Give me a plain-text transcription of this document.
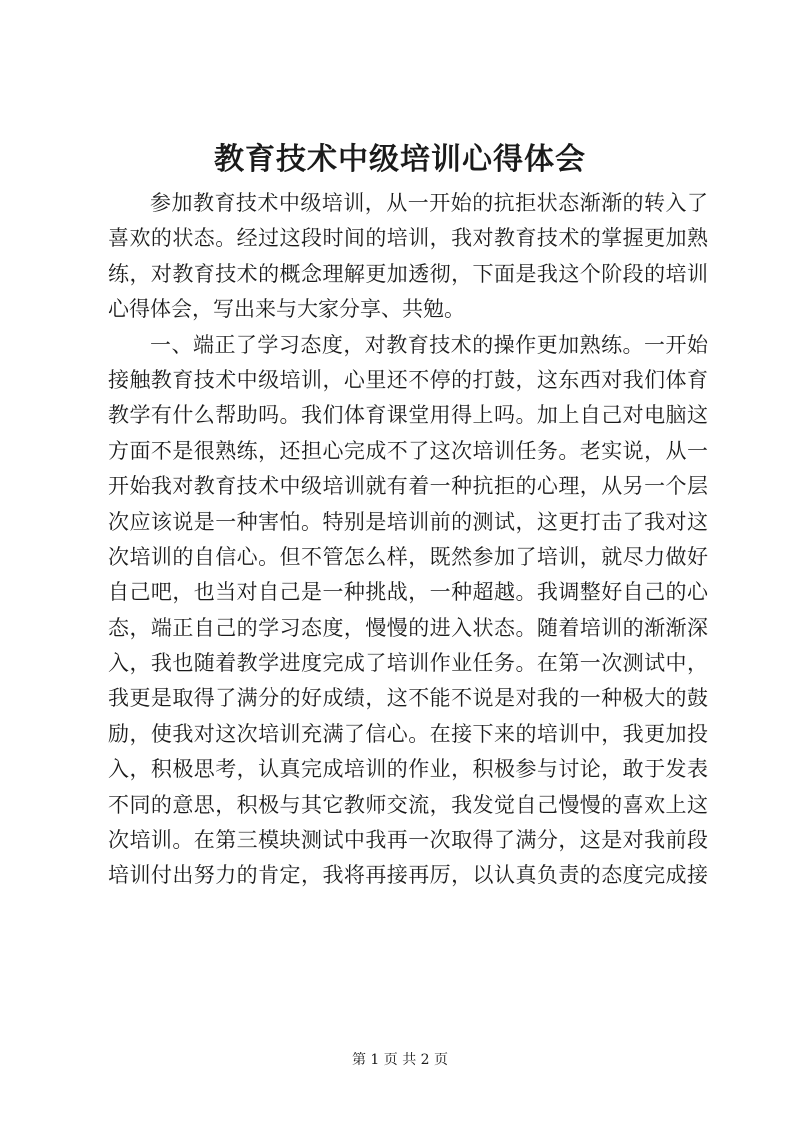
教育技术中级培训心得体会
参加教育技术中级培训，从一开始的抗拒状态渐渐的转入了
喜欢的状态。经过这段时间的培训，我对教育技术的掌握更加熟
练，对教育技术的概念理解更加透彻，下面是我这个阶段的培训
心得体会，写出来与大家分享、共勉。
一、端正了学习态度，对教育技术的操作更加熟练。一开始
接触教育技术中级培训，心里还不停的打鼓，这东西对我们体育
教学有什么帮助吗。我们体育课堂用得上吗。加上自己对电脑这
方面不是很熟练，还担心完成不了这次培训任务。老实说，从一
开始我对教育技术中级培训就有着一种抗拒的心理，从另一个层
次应该说是一种害怕。特别是培训前的测试，这更打击了我对这
次培训的自信心。但不管怎么样，既然参加了培训，就尽力做好
自己吧，也当对自己是一种挑战，一种超越。我调整好自己的心
态，端正自己的学习态度，慢慢的进入状态。随着培训的渐渐深
入，我也随着教学进度完成了培训作业任务。在第一次测试中，
我更是取得了满分的好成绩，这不能不说是对我的一种极大的鼓
励，使我对这次培训充满了信心。在接下来的培训中，我更加投
入，积极思考，认真完成培训的作业，积极参与讨论，敢于发表
不同的意思，积极与其它教师交流，我发觉自己慢慢的喜欢上这
次培训。在第三模块测试中我再一次取得了满分，这是对我前段
培训付出努力的肯定，我将再接再厉，以认真负责的态度完成接
第 1 页 共 2 页
